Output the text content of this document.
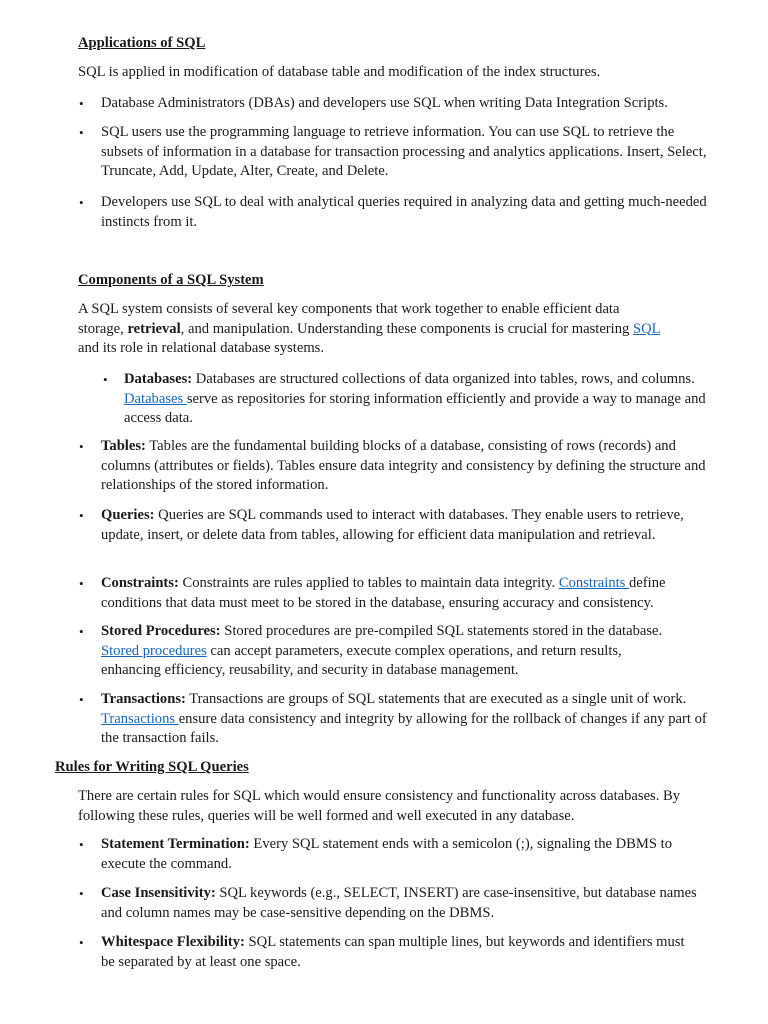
Applications of SQL

SQL is applied in modification of database table and modification of the index structures.

• Database Administrators (DBAs) and developers use SQL when writing Data Integration Scripts.

• SQL users use the programming language to retrieve information. You can use SQL to retrieve the subsets of information in a database for transaction processing and analytics applications. Insert, Select, Truncate, Add, Update, Alter, Create, and Delete.

• Developers use SQL to deal with analytical queries required in analyzing data and getting much-needed instincts from it.

Components of a SQL System

A SQL system consists of several key components that work together to enable efficient data storage, retrieval, and manipulation. Understanding these components is crucial for mastering SQL and its role in relational database systems.

• Databases: Databases are structured collections of data organized into tables, rows, and columns. Databases serve as repositories for storing information efficiently and provide a way to manage and access data.

• Tables: Tables are the fundamental building blocks of a database, consisting of rows (records) and columns (attributes or fields). Tables ensure data integrity and consistency by defining the structure and relationships of the stored information.

• Queries: Queries are SQL commands used to interact with databases. They enable users to retrieve, update, insert, or delete data from tables, allowing for efficient data manipulation and retrieval.

• Constraints: Constraints are rules applied to tables to maintain data integrity. Constraints define conditions that data must meet to be stored in the database, ensuring accuracy and consistency.

• Stored Procedures: Stored procedures are pre-compiled SQL statements stored in the database. Stored procedures can accept parameters, execute complex operations, and return results, enhancing efficiency, reusability, and security in database management.

• Transactions: Transactions are groups of SQL statements that are executed as a single unit of work. Transactions ensure data consistency and integrity by allowing for the rollback of changes if any part of the transaction fails.

Rules for Writing SQL Queries

There are certain rules for SQL which would ensure consistency and functionality across databases. By following these rules, queries will be well formed and well executed in any database.

• Statement Termination: Every SQL statement ends with a semicolon (;), signaling the DBMS to execute the command.

• Case Insensitivity: SQL keywords (e.g., SELECT, INSERT) are case-insensitive, but database names and column names may be case-sensitive depending on the DBMS.

• Whitespace Flexibility: SQL statements can span multiple lines, but keywords and identifiers must be separated by at least one space.
